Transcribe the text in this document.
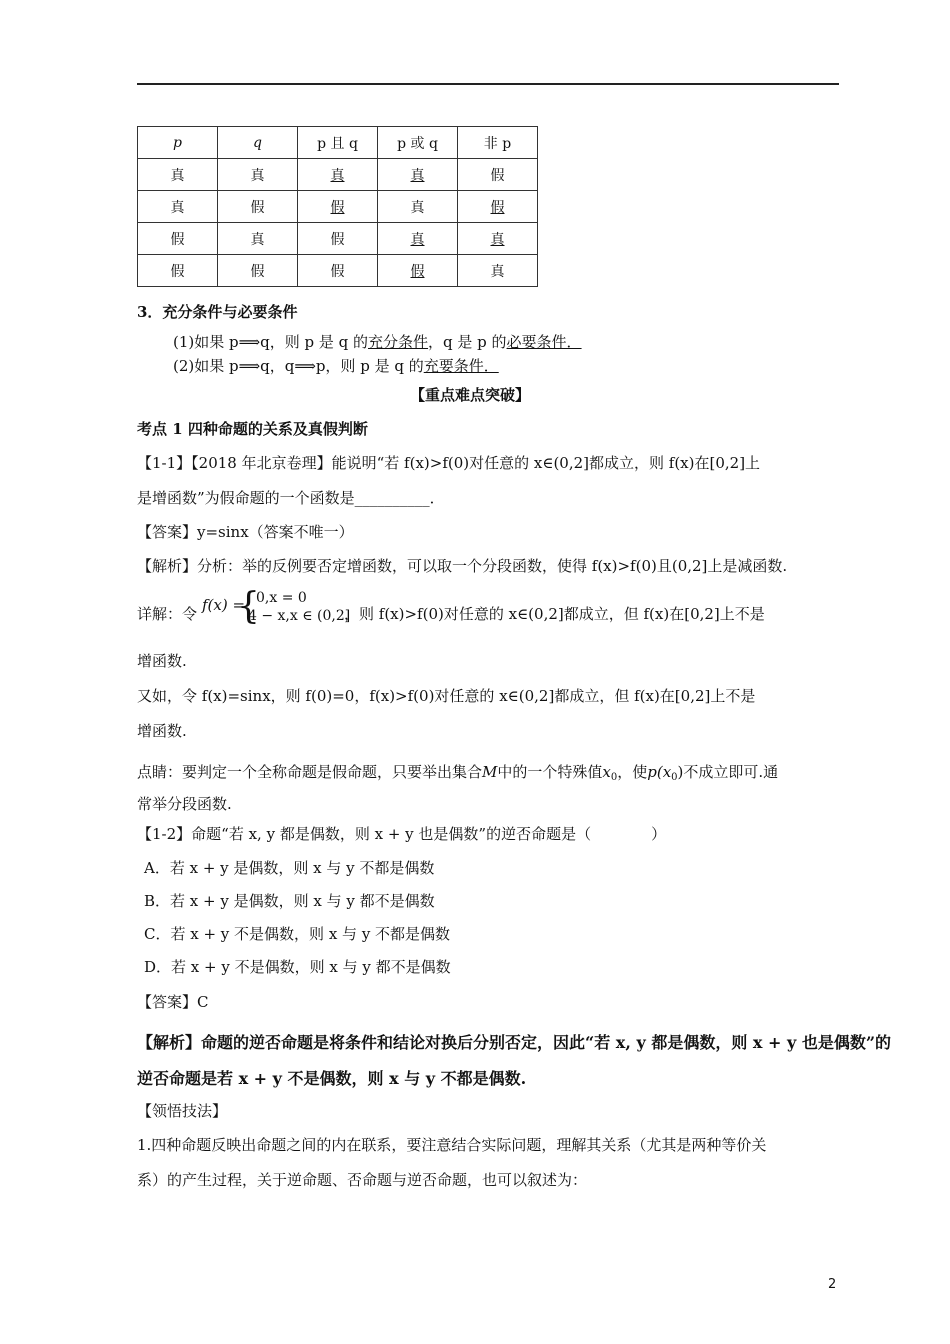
p	q	p 且 q	p 或 q	非 p
真	真	真	真	假
真	假	假	真	假
假	真	假	真	真
假	假	假	假	真
3．充分条件与必要条件
(1)如果 p⟹q，则 p 是 q 的充分条件，q 是 p 的必要条件．
(2)如果 p⟹q，q⟹p，则 p 是 q 的充要条件．
【重点难点突破】
考点 1 四种命题的关系及真假判断
【1-1】【2018 年北京卷理】能说明“若 f(x)>f(0)对任意的 x∈(0,2]都成立，则 f(x)在[0,2]上
是增函数”为假命题的一个函数是__________．
【答案】y=sinx（答案不唯一）
【解析】分析：举的反例要否定增函数，可以取一个分段函数，使得 f(x)>f(0)且(0,2]上是减函数.
详解：令 f(x) =
{
0,x = 0
4 − x,x ∈ (0,2]
，则 f(x)>f(0)对任意的 x∈(0,2]都成立，但 f(x)在[0,2]上不是
增函数.
又如，令 f(x)=sinx，则 f(0)=0，f(x)>f(0)对任意的 x∈(0,2]都成立，但 f(x)在[0,2]上不是
增函数.
点睛：要判定一个全称命题是假命题，只要举出集合M中的一个特殊值$x_0$，使$p(x_0)$不成立即可.通
常举分段函数.
【1-2】命题“若 x, y 都是偶数，则 x + y 也是偶数”的逆否命题是（　　　　）
A．若 x + y 是偶数，则 x 与 y 不都是偶数
B．若 x + y 是偶数，则 x 与 y 都不是偶数
C．若 x + y 不是偶数，则 x 与 y 不都是偶数
D．若 x + y 不是偶数，则 x 与 y 都不是偶数
【答案】C
【解析】命题的逆否命题是将条件和结论对换后分别否定，因此“若 x, y 都是偶数，则 x + y 也是偶数”的
逆否命题是若 x + y 不是偶数，则 x 与 y 不都是偶数.
【领悟技法】
1.四种命题反映出命题之间的内在联系，要注意结合实际问题，理解其关系（尤其是两种等价关
系）的产生过程，关于逆命题、否命题与逆否命题，也可以叙述为：
2
